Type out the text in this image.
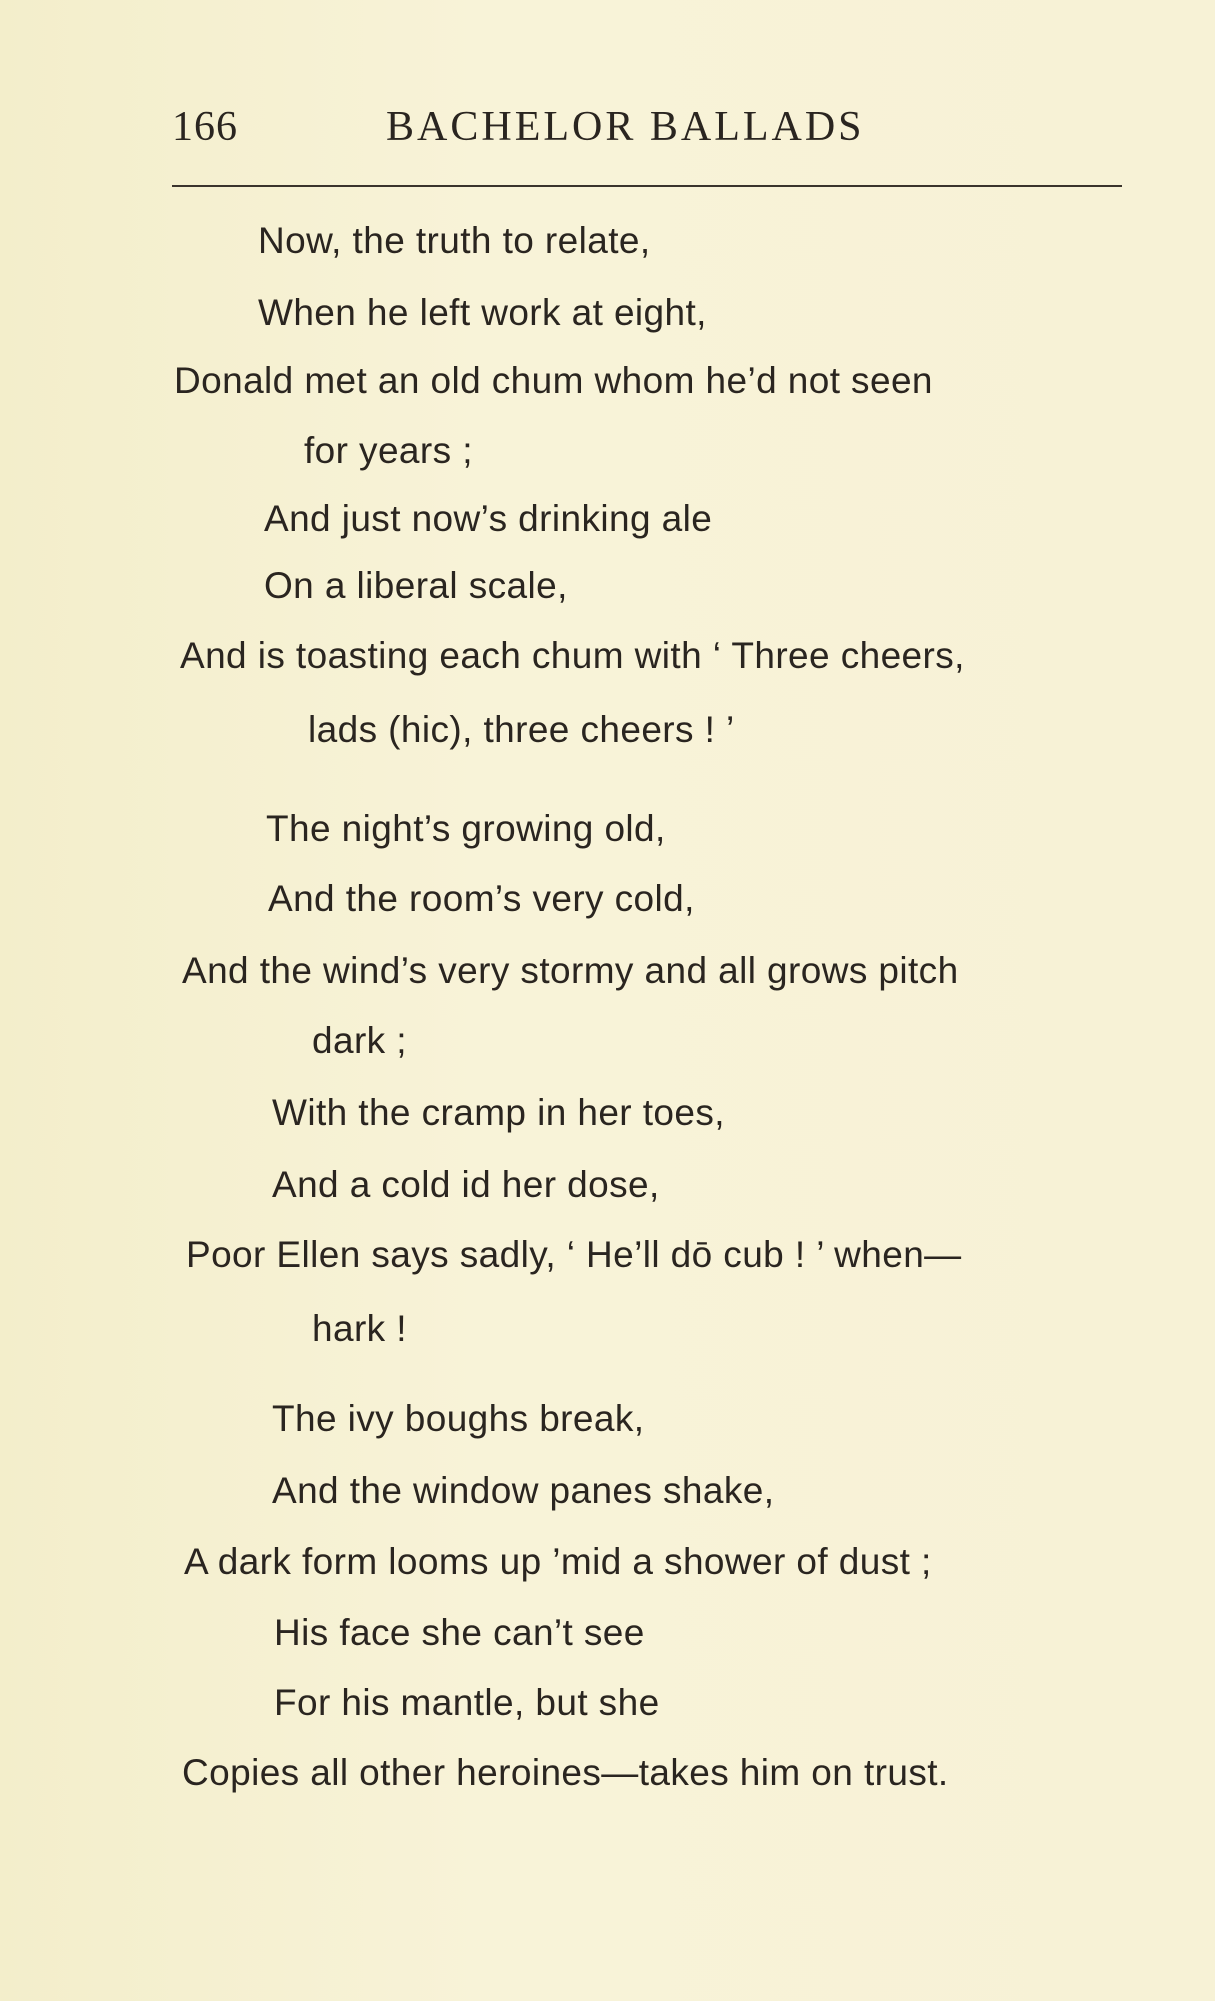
166	BACHELOR BALLADS
Now, the truth to relate,
When he left work at eight,
Donald met an old chum whom he’d not seen
for years ;
And just now’s drinking ale
On a liberal scale,
And is toasting each chum with ‘ Three cheers,
lads (hic), three cheers ! ’
The night’s growing old,
And the room’s very cold,
And the wind’s very stormy and all grows pitch
dark ;
With the cramp in her toes,
And a cold id her dose,
Poor Ellen says sadly, ‘ He’ll dō cub ! ’ when—
hark !
The ivy boughs break,
And the window panes shake,
A dark form looms up ’mid a shower of dust ;
His face she can’t see
For his mantle, but she
Copies all other heroines—takes him on trust.
